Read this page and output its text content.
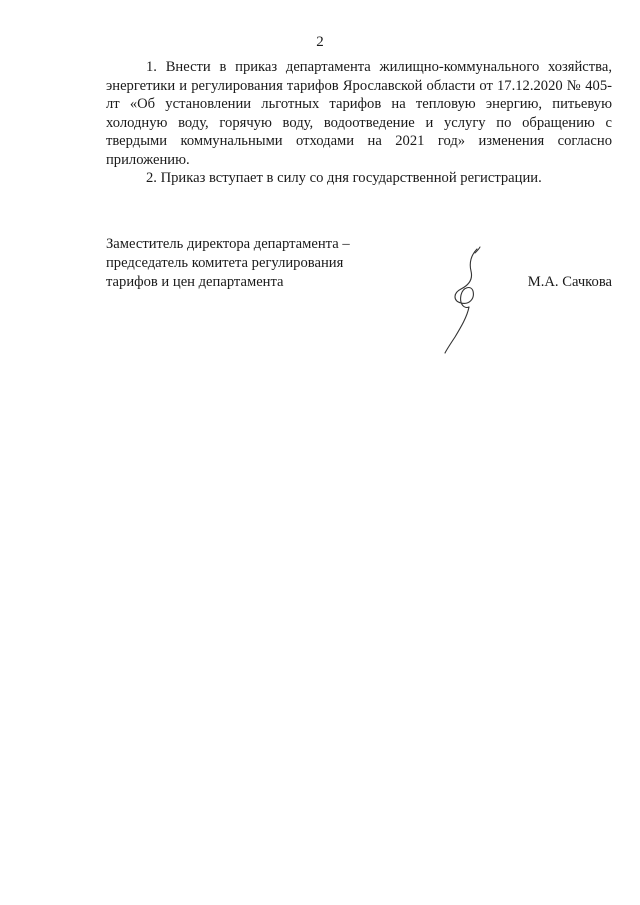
2

1. Внести в приказ департамента жилищно-коммунального хозяйства, энергетики и регулирования тарифов Ярославской области от 17.12.2020 № 405-лт «Об установлении льготных тарифов на тепловую энергию, питьевую холодную воду, горячую воду, водоотведение и услугу по обращению с твердыми коммунальными отходами на 2021 год» изменения согласно приложению.

2. Приказ вступает в силу со дня государственной регистрации.

Заместитель директора департамента –
председатель комитета регулирования
тарифов и цен департамента	М.А. Сачкова
